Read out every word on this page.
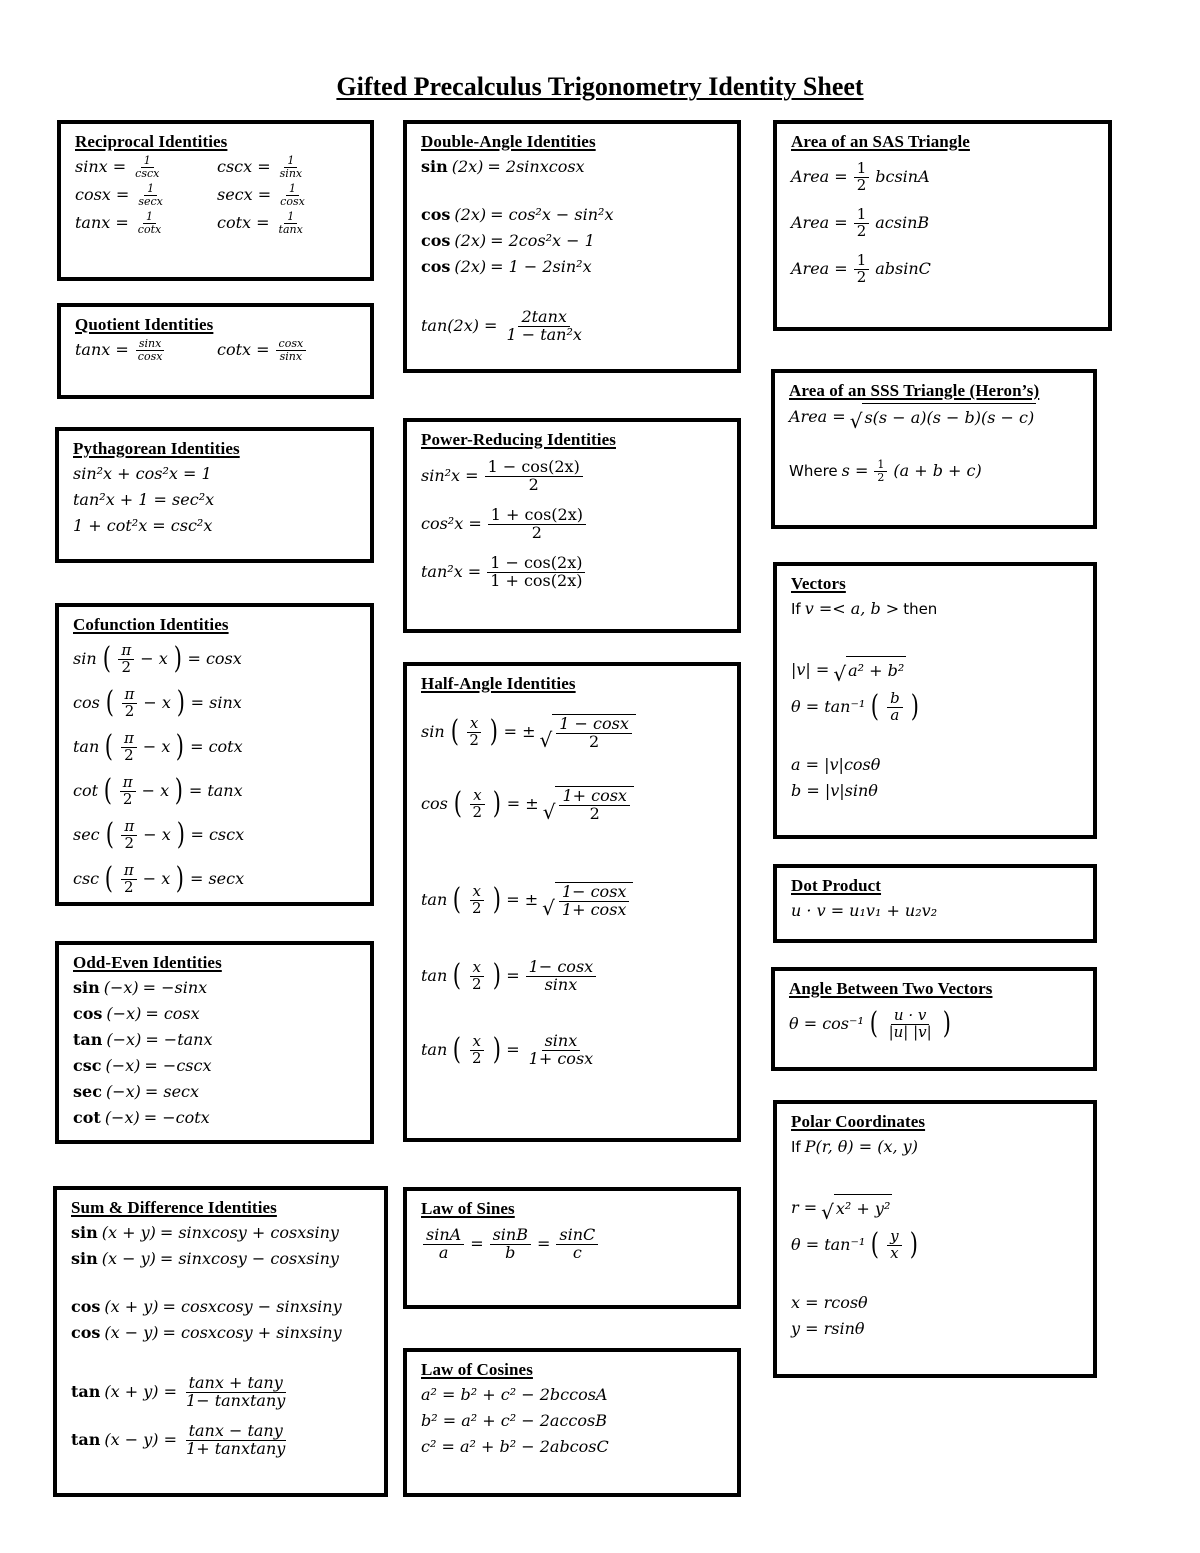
Gifted Precalculus Trigonometry Identity Sheet
Reciprocal Identities
$\sin x = \frac{1}{\csc x}$	$\csc x = \frac{1}{\sin x}$
$\cos x = \frac{1}{\sec x}$	$\sec x = \frac{1}{\cos x}$
$\tan x = \frac{1}{\cot x}$	$\cot x = \frac{1}{\tan x}$
Quotient Identities
$\tan x = \frac{\sin x}{\cos x}$	$\cot x = \frac{\cos x}{\sin x}$
Pythagorean Identities
sin²x + cos²x = 1
tan²x + 1 = sec²x
1 + cot²x = csc²x
Cofunction Identities
sin ( $\frac{\pi}{2} - x$ ) = cosx
cos ( $\frac{\pi}{2} - x$ ) = sinx
tan ( $\frac{\pi}{2} - x$ ) = cotx
cot ( $\frac{\pi}{2} - x$ ) = tanx
sec ( $\frac{\pi}{2} - x$ ) = cscx
csc ( $\frac{\pi}{2} - x$ ) = secx
Odd-Even Identities
sin (−x) = −sinx
cos (−x) = cosx
tan (−x) = −tanx
csc (−x) = −cscx
sec (−x) = secx
cot (−x) = −cotx
Sum & Difference Identities
sin (x + y) = sinxcosy + cosxsiny
sin (x − y) = sinxcosy − cosxsiny
cos (x + y) = cosxcosy − sinxsiny
cos (x − y) = cosxcosy + sinxsiny
$\tan (x + y) = \frac{\tan x + \tan y}{\text{1− tanxtany}}$
$\tan (x - y) = \frac{\tan x - \tan y}{\text{1+ tanxtany}}$
Double-Angle Identities
sin (2x) = 2sinxcosx
cos (2x) = cos²x − sin²x
cos (2x) = 2cos²x − 1
cos (2x) = 1 − 2sin²x
$\tan(2x) = \frac{2\tan x}{\text{1 − tan²x}}$
Power-Reducing Identities
$\sin^2x = \frac{1 - \cos(2x)}{2}$
$\cos^2x = \frac{1 + \cos(2x)}{2}$
$\tan^2x = \frac{1 - \cos(2x)}{1 + \cos(2x)}$
Half-Angle Identities
sin ( $\frac{x}{2}$ ) = ± √ $\frac{1 - \cos x}{2}$
cos ( $\frac{x}{2}$ ) = ± √ $\frac{1+ \cos x}{2}$
tan ( $\frac{x}{2}$ ) = ± √ $\frac{1- \cos x}{1+ \cos x}$
tan ( $\frac{x}{2}$ ) = $\frac{1- \cos x}{\sin x}$
tan ( $\frac{x}{2}$ ) = $\frac{\sin x}{1+ \cos x}$
Law of Sines
$\frac{\sin A}{a} = \frac{\sin B}{b} = \frac{\sin C}{c}$
Law of Cosines
a² = b² + c² − 2bccosA
b² = a² + c² − 2accosB
c² = a² + b² − 2abcosC
Area of an SAS Triangle
Area = $\frac{1}{2}$ bcsinA
Area = $\frac{1}{2}$ acsinB
Area = $\frac{1}{2}$ absinC
Area of an SSS Triangle (Heron’s)
Area = √ s(s − a)(s − b)(s − c)
Where $s = \frac{1}{2} (a + b + c)$
Vectors
If v =< a, b > then
|v| = √ a² + b²
θ = tan⁻¹ ( $\frac{b}{a}$ )
a = |v|cosθ
b = |v|sinθ
Dot Product
u · v = u₁v₁ + u₂v₂
Angle Between Two Vectors
θ = cos⁻¹ ( $\frac{u \cdot v}{|u| |v|}$ )
Polar Coordinates
If P(r, θ) = (x, y)
r = √ x² + y²
θ = tan⁻¹ ( $\frac{y}{x}$ )
x = rcosθ
y = rsinθ
